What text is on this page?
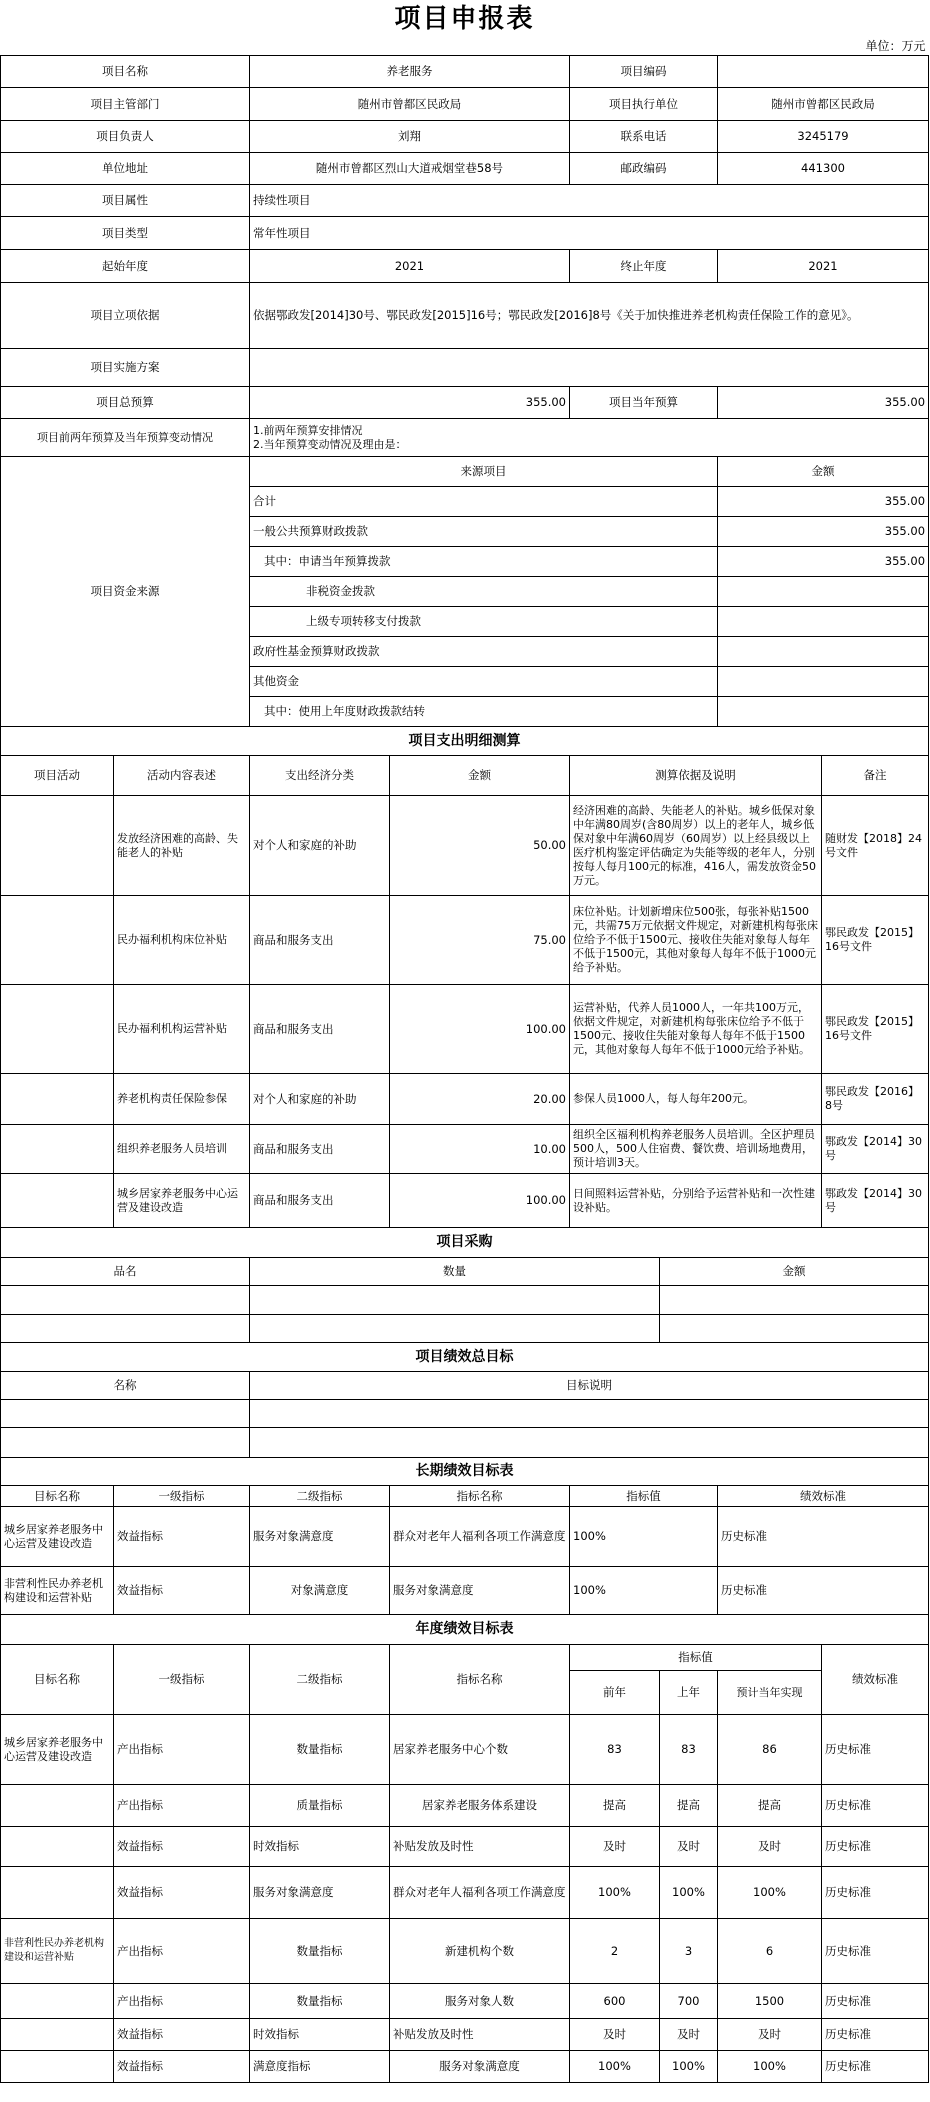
项目申报表							
单位：万元							
项目名称		养老服务		项目编码			
项目主管部门		随州市曾都区民政局		项目执行单位		随州市曾都区民政局	
项目负责人		刘翔		联系电话		3245179	
单位地址		随州市曾都区烈山大道戒烟堂巷58号		邮政编码		441300	
项目属性		持续性项目					
项目类型		常年性项目					
起始年度		2021		终止年度		2021	
项目立项依据		依据鄂政发[2014]30号、鄂民政发[2015]16号；鄂民政发[2016]8号《关于加快推进养老机构责任保险工作的意见》。					
项目实施方案							
项目总预算		355.00		项目当年预算		355.00	
项目前两年预算及当年预算变动情况		1.前两年预算安排情况
2.当年预算变动情况及理由是：					

项目资金来源		来源项目				金额	
		合计				355.00	
		一般公共预算财政拨款				355.00	
		其中：申请当年预算拨款				355.00	
		非税资金拨款					
		上级专项转移支付拨款					
		政府性基金预算财政拨款					
		其他资金					
		其中：使用上年度财政拨款结转					
项目支出明细测算							
项目活动	活动内容表述	支出经济分类	金额	测算依据及说明			备注
	发放经济困难的高龄、失能老人的补贴	对个人和家庭的补助	50.00	经济困难的高龄、失能老人的补贴。城乡低保对象中年满80周岁(含80周岁）以上的老年人，城乡低保对象中年满60周岁（60周岁）以上经县级以上医疗机构鉴定评估确定为失能等级的老年人，分别按每人每月100元的标准，416人，需发放资金50万元。			随财发【2018】24号文件
	民办福利机构床位补贴	商品和服务支出	75.00	床位补贴。计划新增床位500张，每张补贴1500元，共需75万元依据文件规定，对新建机构每张床位给予不低于1500元、接收住失能对象每人每年不低于1500元，其他对象每人每年不低于1000元给予补贴。			鄂民政发【2015】16号文件
	民办福利机构运营补贴	商品和服务支出	100.00	运营补贴，代养人员1000人，一年共100万元，依据文件规定，对新建机构每张床位给予不低于1500元、接收住失能对象每人每年不低于1500元，其他对象每人每年不低于1000元给予补贴。			鄂民政发【2015】16号文件
	养老机构责任保险参保	对个人和家庭的补助	20.00	参保人员1000人，每人每年200元。			鄂民政发【2016】8号
	组织养老服务人员培训	商品和服务支出	10.00	组织全区福利机构养老服务人员培训。全区护理员500人，500人住宿费、餐饮费、培训场地费用，预计培训3天。			鄂政发【2014】30号
	城乡居家养老服务中心运营及建设改造	商品和服务支出	100.00	日间照料运营补贴，分别给予运营补贴和一次性建设补贴。			鄂政发【2014】30号
项目采购							
品名		数量			金额		

项目绩效总目标							
名称		目标说明					

长期绩效目标表							
目标名称	一级指标	二级指标	指标名称	指标值		绩效标准	
城乡居家养老服务中心运营及建设改造	效益指标	服务对象满意度	群众对老年人福利各项工作满意度	100%		历史标准	
非营利性民办养老机构建设和运营补贴	效益指标	对象满意度	服务对象满意度	100%		历史标准	
年度绩效目标表							
目标名称	一级指标	二级指标	指标名称	指标值			绩效标准
				前年	上年	预计当年实现	
城乡居家养老服务中心运营及建设改造	产出指标	数量指标	居家养老服务中心个数	83	83	86	历史标准
	产出指标	质量指标	居家养老服务体系建设	提高	提高	提高	历史标准
	效益指标	时效指标	补贴发放及时性	及时	及时	及时	历史标准
	效益指标	服务对象满意度	群众对老年人福利各项工作满意度	100%	100%	100%	历史标准
非营利性民办养老机构建设和运营补贴	产出指标	数量指标	新建机构个数	2	3	6	历史标准
	产出指标	数量指标	服务对象人数	600	700	1500	历史标准
	效益指标	时效指标	补贴发放及时性	及时	及时	及时	历史标准
	效益指标	满意度指标	服务对象满意度	100%	100%	100%	历史标准
